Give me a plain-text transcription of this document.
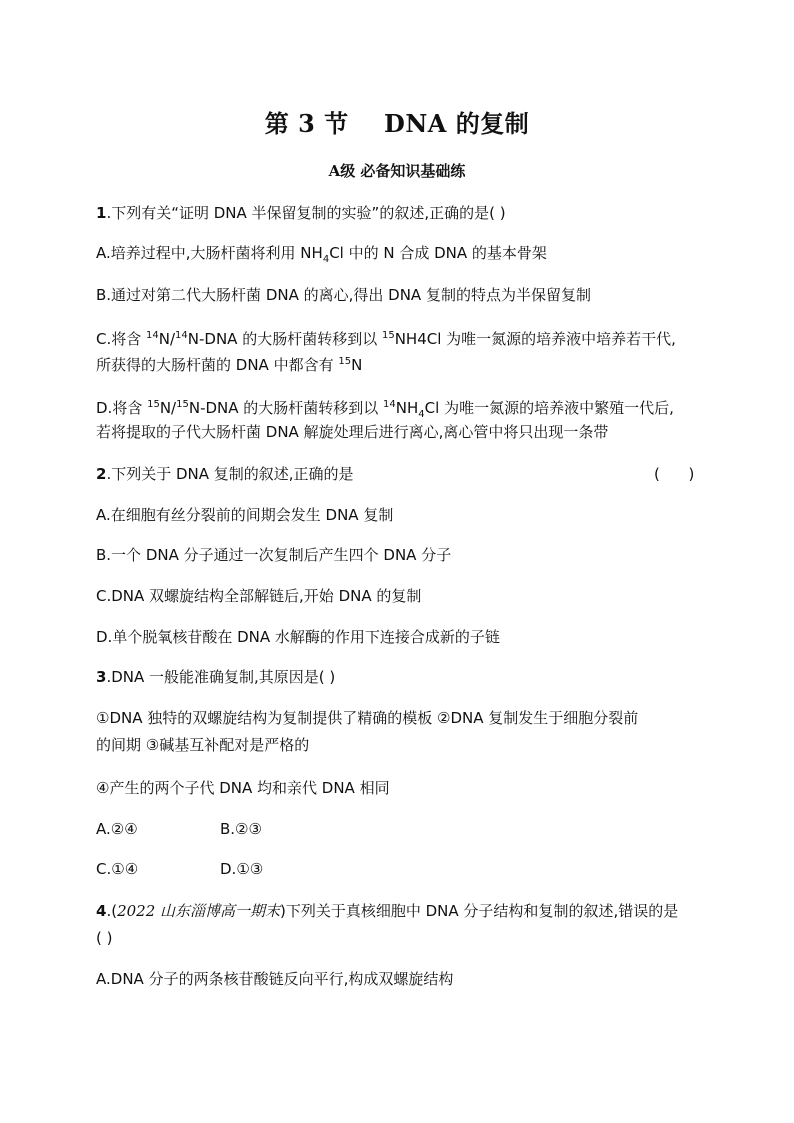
第 3 节    DNA 的复制
A级 必备知识基础练
1.下列有关“证明 DNA 半保留复制的实验”的叙述,正确的是( )
A.培养过程中,大肠杆菌将利用 $NH_4Cl$ 中的 N 合成 DNA 的基本骨架
B.通过对第二代大肠杆菌 DNA 的离心,得出 DNA 复制的特点为半保留复制
C.将含 $^{14}$N/$^{14}$N-DNA 的大肠杆菌转移到以 $^{15}$NH4Cl 为唯一氮源的培养液中培养若干代,
所获得的大肠杆菌的 DNA 中都含有 $^{15}$N
D.将含 $^{15}$N/$^{15}$N-DNA 的大肠杆菌转移到以 $^{14}NH_4Cl$ 为唯一氮源的培养液中繁殖一代后,
若将提取的子代大肠杆菌 DNA 解旋处理后进行离心,离心管中将只出现一条带
2.下列关于 DNA 复制的叙述,正确的是	(      )
A.在细胞有丝分裂前的间期会发生 DNA 复制
B.一个 DNA 分子通过一次复制后产生四个 DNA 分子
C.DNA 双螺旋结构全部解链后,开始 DNA 的复制
D.单个脱氧核苷酸在 DNA 水解酶的作用下连接合成新的子链
3.DNA 一般能准确复制,其原因是( )
①DNA 独特的双螺旋结构为复制提供了精确的模板 ②DNA 复制发生于细胞分裂前
的间期 ③碱基互补配对是严格的
④产生的两个子代 DNA 均和亲代 DNA 相同
A.②④	B.②③
C.①④	D.①③
4.(2022 山东淄博高一期末)下列关于真核细胞中 DNA 分子结构和复制的叙述,错误的是
( )
A.DNA 分子的两条核苷酸链反向平行,构成双螺旋结构
